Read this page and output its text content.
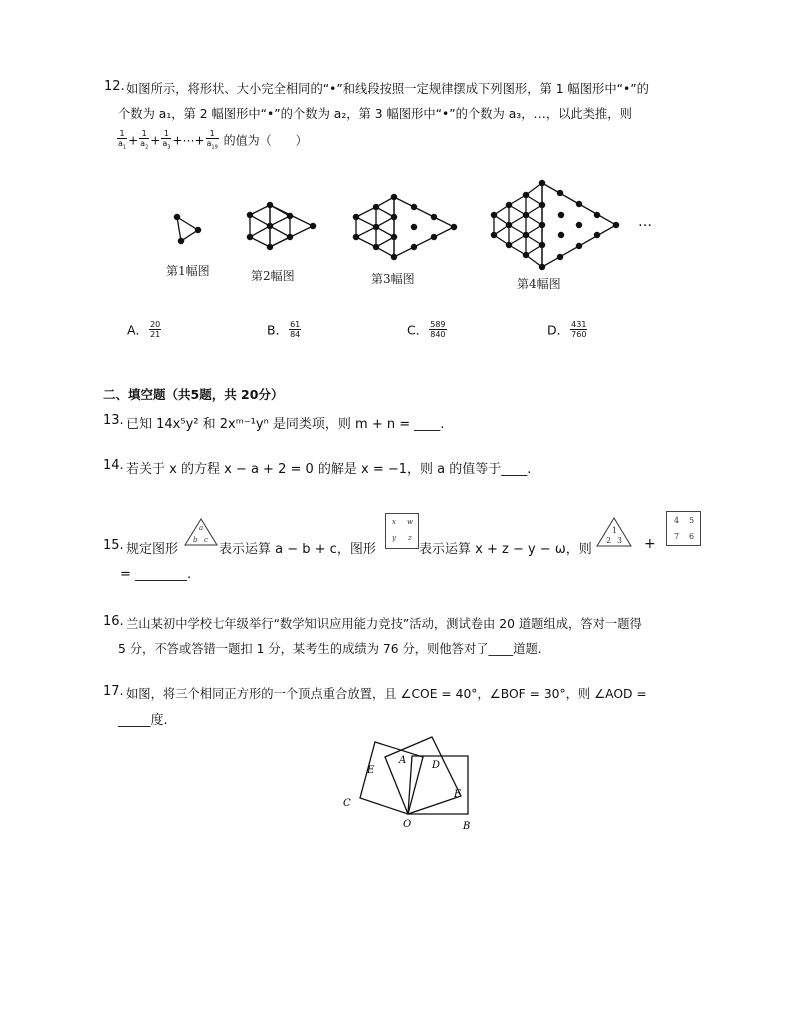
12. 如图所示，将形状、大小完全相同的“•”和线段按照一定规律摆成下列图形，第 1 幅图形中“•”的
个数为 a₁，第 2 幅图形中“•”的个数为 a₂，第 3 幅图形中“•”的个数为 a₃，…，以此类推，则
$\frac{1}{a_1} + \frac{1}{a_2} + \frac{1}{a_3}$ +⋯+ $\frac{1}{a_{19}}$ 的值为（　　）
…
第1幅图	第2幅图	第3幅图	第4幅图
A． $\frac{20}{21}$	B． $\frac{61}{84}$	C． $\frac{589}{840}$	D． $\frac{431}{760}$
二、填空题（共5题，共 20分）
13. 已知 14x⁵y² 和 2xᵐ⁻¹yⁿ 是同类项，则 m + n = ____.
14. 若关于 x 的方程 x − a + 2 = 0 的解是 x = −1，则 a 的值等于____.
15. 规定图形
a
b c
表示运算 a − b + c，图形
x w
y z
表示运算 x + z − y − ω，则
1
2 3 +
4 5
7 6
= ________.
16. 兰山某初中学校七年级举行“数学知识应用能力竞技”活动，测试卷由 20 道题组成，答对一题得
5 分，不答或答错一题扣 1 分，某考生的成绩为 76 分，则他答对了____道题.
17. 如图，将三个相同正方形的一个顶点重合放置，且 ∠COE = 40°，∠BOF = 30°，则 ∠AOD =
_____度.
C
E
A	D
F
O	B
